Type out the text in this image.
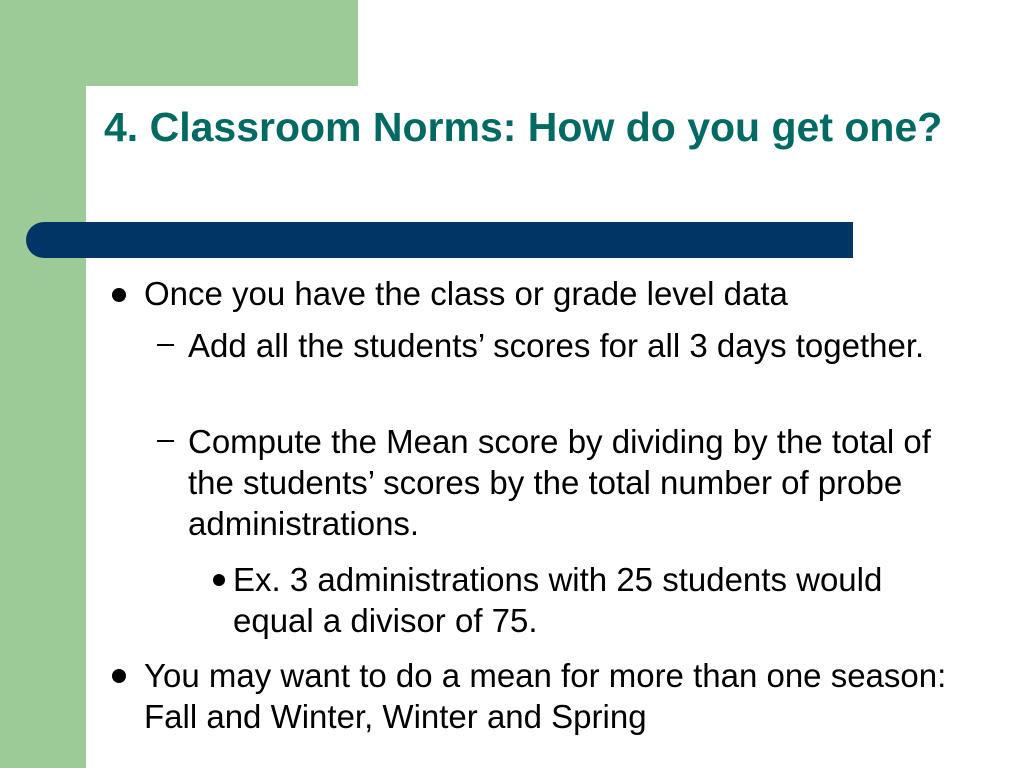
4. Classroom Norms: How do you get one?
Once you have the class or grade level data
Add all the students’ scores for all 3 days together.
Compute the Mean score by dividing by the total of the students’ scores by the total number of probe administrations.
Ex. 3 administrations with 25 students would equal a divisor of 75.
You may want to do a mean for more than one season: Fall and Winter, Winter and Spring
